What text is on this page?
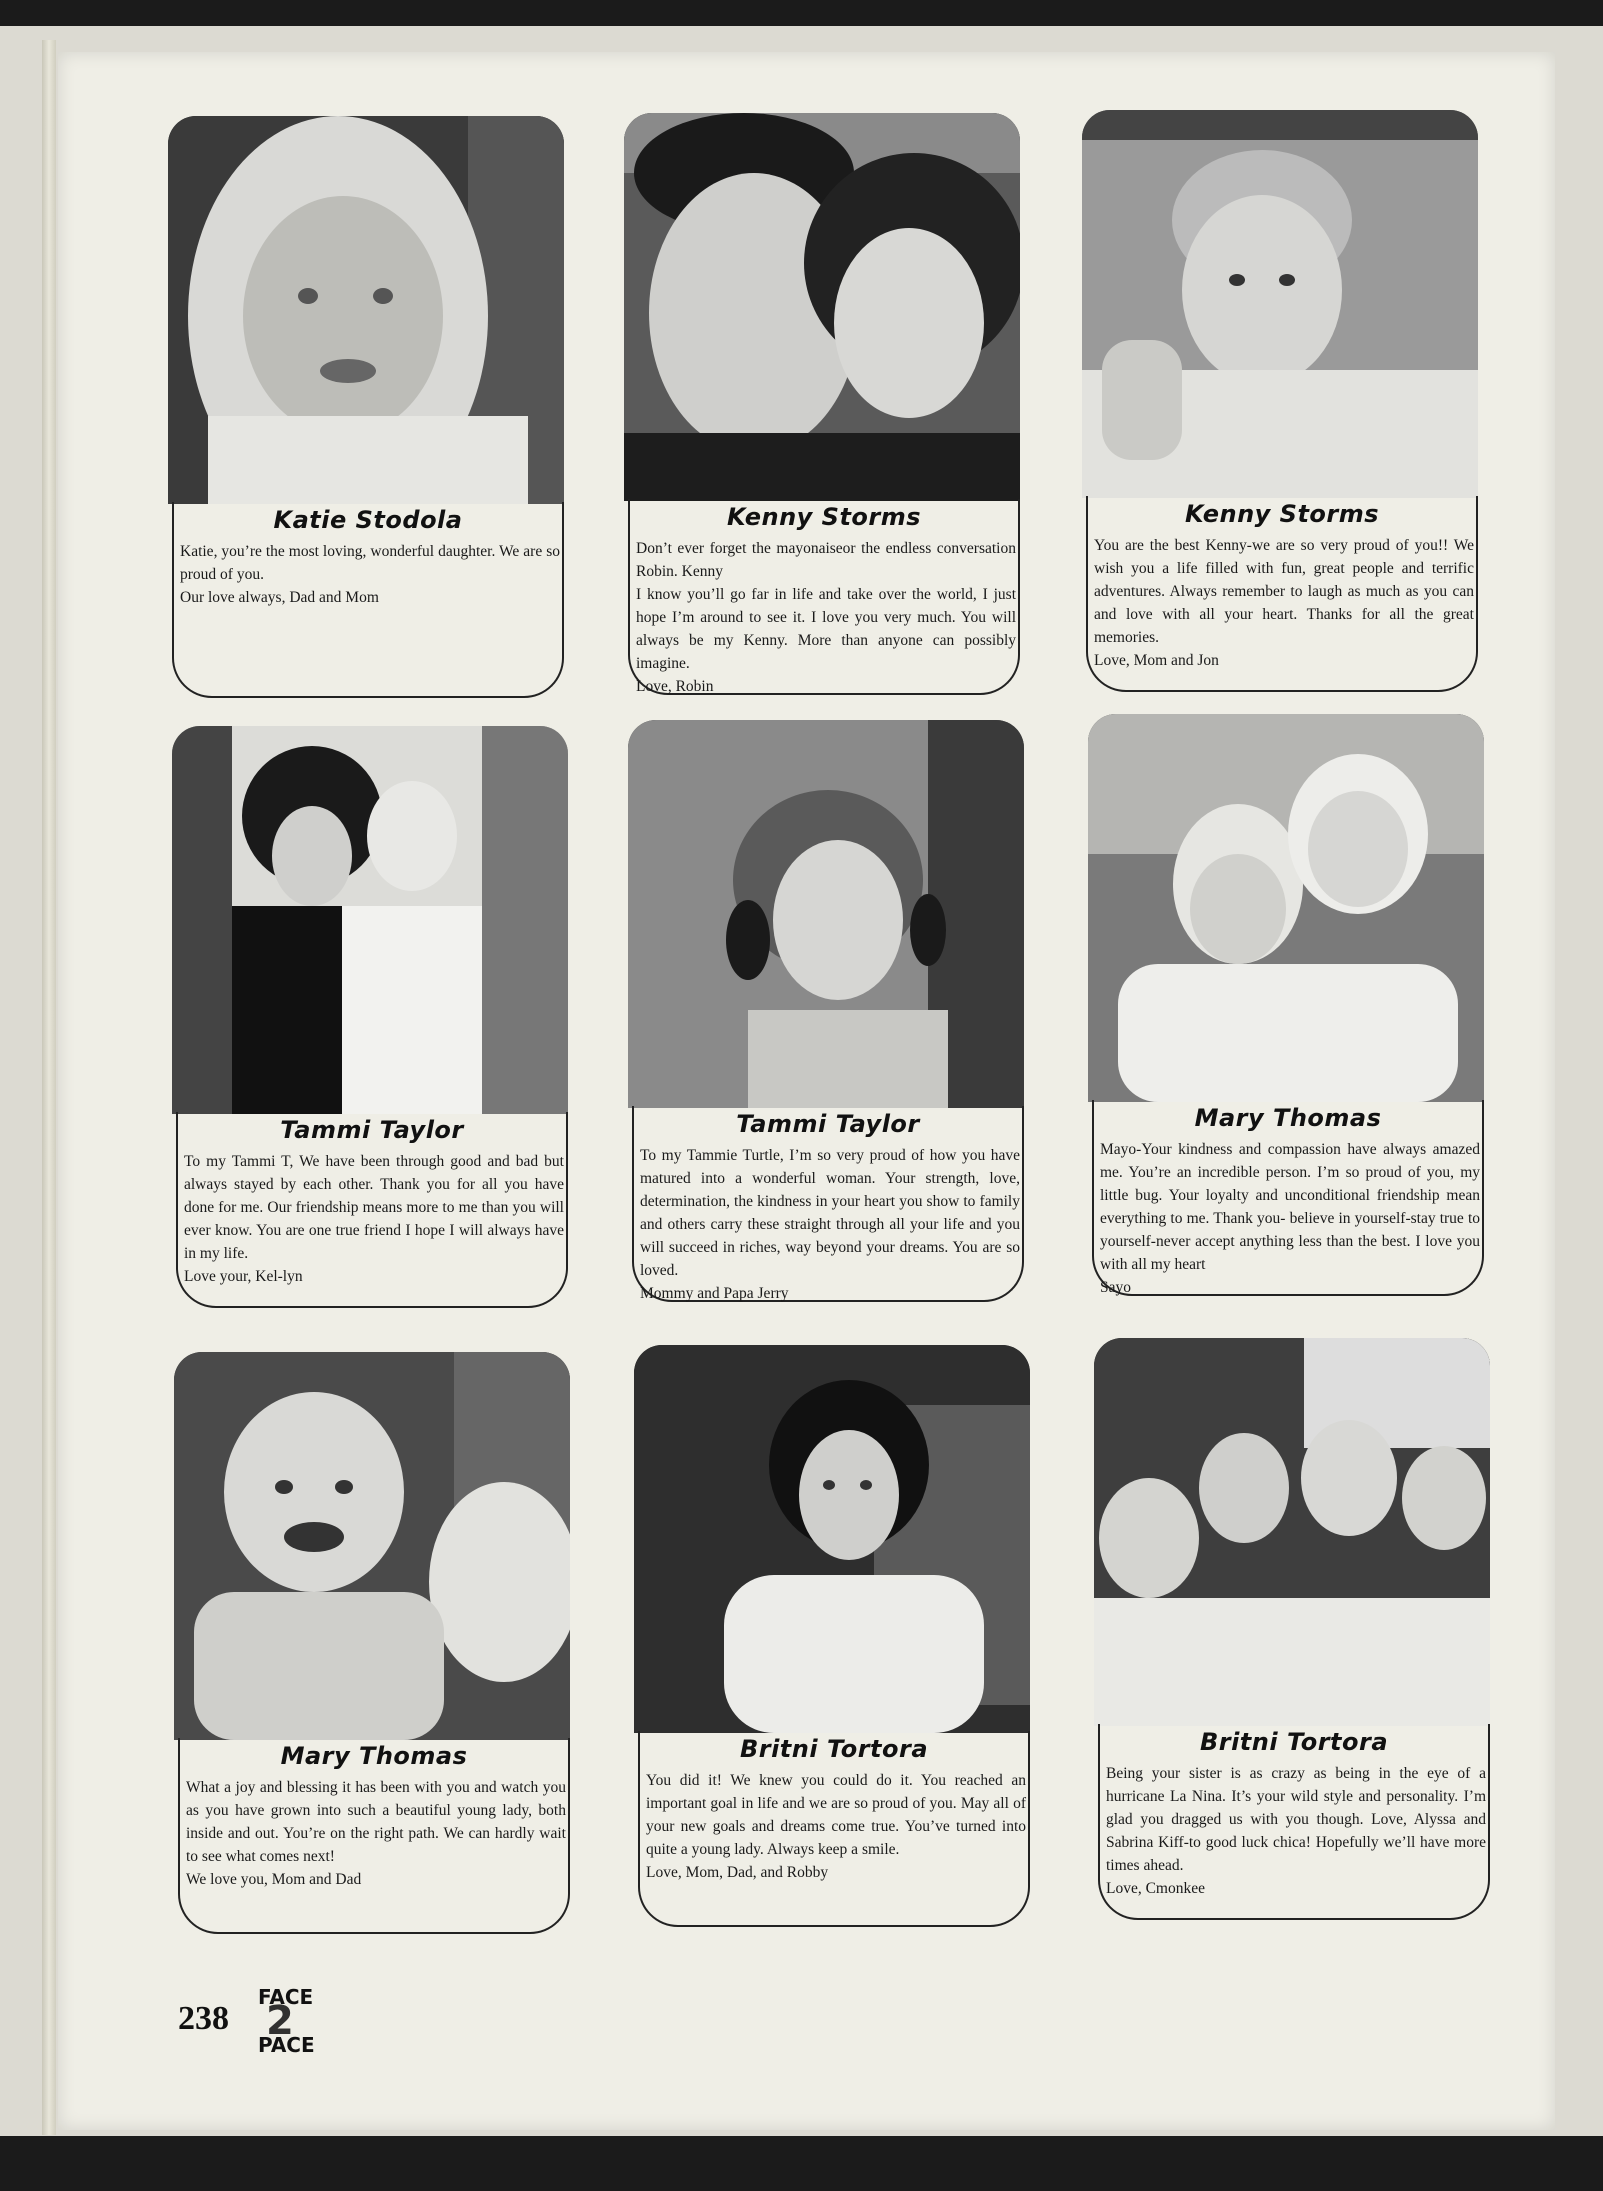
Katie Stodola
Katie, you’re the most loving, wonderful daughter. We are so proud of you.
Our love always, Dad and Mom
Kenny Storms
Don’t ever forget the mayonaiseor the endless conversation Robin. Kenny
I know you’ll go far in life and take over the world, I just hope I’m around to see it. I love you very much. You will always be my Kenny. More than anyone can possibly imagine.
Love, Robin
Kenny Storms
You are the best Kenny-we are so very proud of you!! We wish you a life filled with fun, great people and terrific adventures. Always remember to laugh as much as you can and love with all your heart. Thanks for all the great memories.
Love, Mom and Jon
Tammi Taylor
To my Tammi T, We have been through good and bad but always stayed by each other. Thank you for all you have done for me. Our friendship means more to me than you will ever know. You are one true friend I hope I will always have in my life.
Love your, Kel-lyn
Tammi Taylor
To my Tammie Turtle, I’m so very proud of how you have matured into a wonderful woman. Your strength, love, determination, the kindness in your heart you show to family and others carry these straight through all your life and you will succeed in riches, way beyond your dreams. You are so loved.
Mommy and Papa Jerry
Mary Thomas
Mayo-Your kindness and compassion have always amazed me. You’re an incredible person. I’m so proud of you, my little bug. Your loyalty and unconditional friendship mean everything to me. Thank you- believe in yourself-stay true to yourself-never accept anything less than the best. I love you with all my heart
Sayo
Mary Thomas
What a joy and blessing it has been with you and watch you as you have grown into such a beautiful young lady, both inside and out. You’re on the right path. We can hardly wait to see what comes next!
We love you, Mom and Dad
Britni Tortora
You did it! We knew you could do it. You reached an important goal in life and we are so proud of you. May all of your new goals and dreams come true. You’ve turned into quite a young lady. Always keep a smile.
Love, Mom, Dad, and Robby
Britni Tortora
Being your sister is as crazy as being in the eye of a hurricane La Nina. It’s your wild style and personality. I’m glad you dragged us with you though. Love, Alyssa and Sabrina Kiff-to good luck chica! Hopefully we’ll have more times ahead.
Love, Cmonkee
238
FACE
2
PACE
